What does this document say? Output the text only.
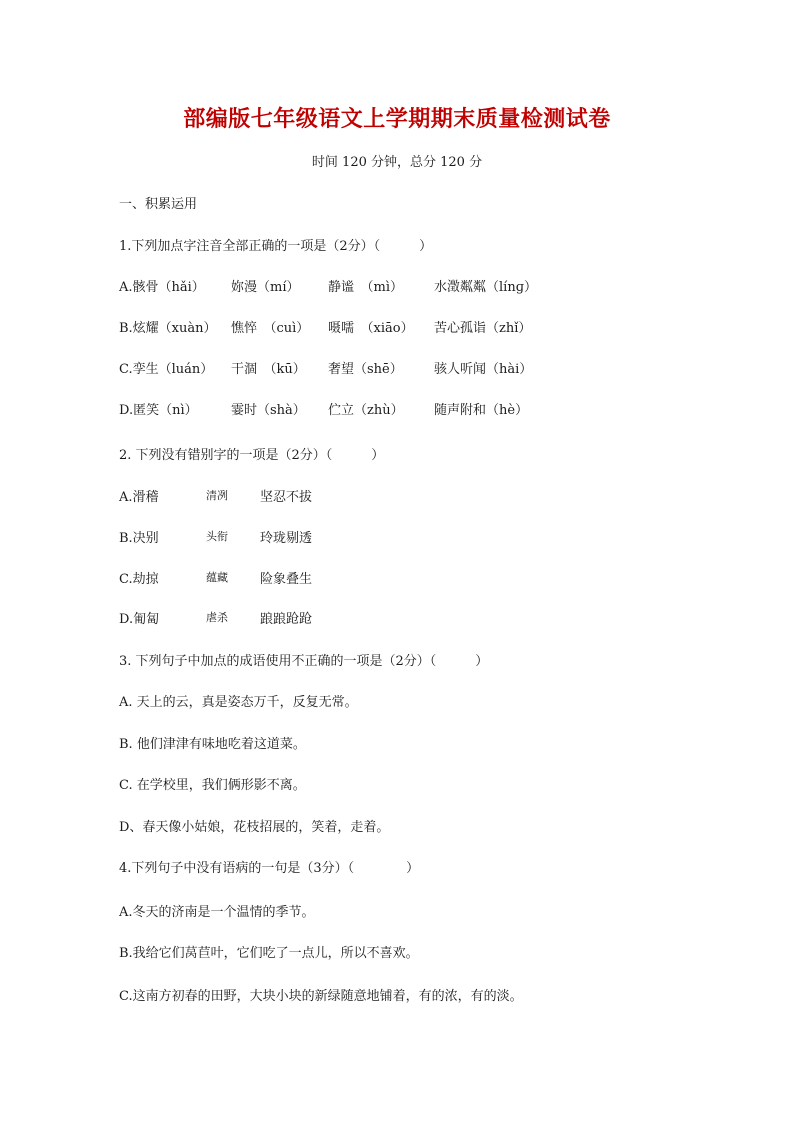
部编版七年级语文上学期期末质量检测试卷
时间 120 分钟，总分 120 分
一、积累运用
1.下列加点字注音全部正确的一项是（2分）（　　　）
A.骸骨（hǎi） 妳漫（mí） 静谧　（mì） 水澂粼粼（línɡ）
B.炫耀（xuàn） 憔悴　（cuì） 嗫嚅　（xiāo） 苦心孤诣（zhǐ）
C.孪生（luán） 干涸　（kū） 奢望（shē） 骇人听闻（hài）
D.匿笑（nì）	霎时（shà） 伫立（zhù） 随声附和（hè）
2. 下列没有错别字的一项是（2分）（　　　）
A.滑稽	清冽 坚忍不拔
B.决别	头衔 玲珑剔透
C.劫掠	蕴藏 险象叠生
D.匍匐	虐杀 踉踉跄跄
3. 下列句子中加点的成语使用不正确的一项是（2分）（　　　）
A. 天上的云，真是姿态万千，反复无常。
B. 他们津津有味地吃着这道菜。
C. 在学校里，我们俩形影不离。
D、春天像小姑娘，花枝招展的，笑着，走着。
4.下列句子中没有语病的一句是（3分）（　　　　）
A.冬天的济南是一个温情的季节。
B.我给它们莴苣叶，它们吃了一点儿，所以不喜欢。
C.这南方初春的田野，大块小块的新绿随意地铺着，有的浓，有的淡。
